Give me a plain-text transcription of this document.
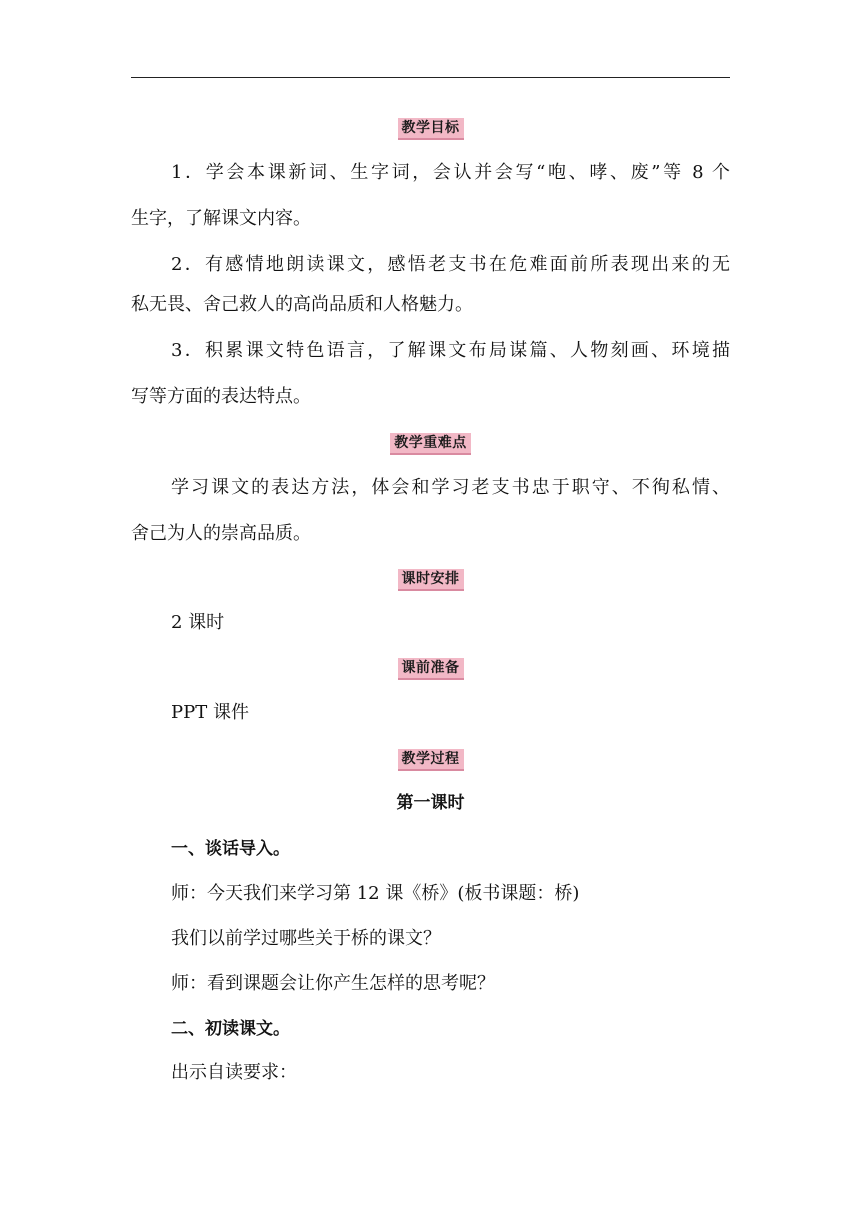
教学目标
1．学会本课新词、生字词，会认并会写“咆、哮、废”等 8 个
生字，了解课文内容。
2．有感情地朗读课文，感悟老支书在危难面前所表现出来的无
私无畏、舍己救人的高尚品质和人格魅力。
3．积累课文特色语言，了解课文布局谋篇、人物刻画、环境描
写等方面的表达特点。
教学重难点
学习课文的表达方法，体会和学习老支书忠于职守、不徇私情、
舍己为人的崇高品质。
课时安排
2 课时
课前准备
PPT 课件
教学过程
第一课时
一、谈话导入。
师：今天我们来学习第 12 课《桥》(板书课题：桥)
我们以前学过哪些关于桥的课文？
师：看到课题会让你产生怎样的思考呢？
二、初读课文。
出示自读要求：
